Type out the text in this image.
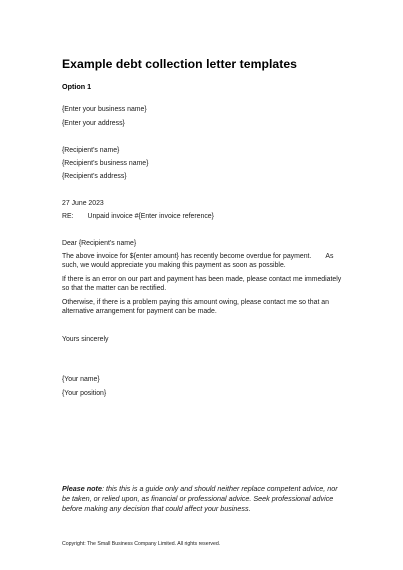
Example debt collection letter templates
Option 1
{Enter your business name}
{Enter your address}
{Recipient’s name}
{Recipient’s business name}
{Recipient’s address}
27 June 2023
RE: Unpaid invoice #{Enter invoice reference}
Dear {Recipient’s name}
The above invoice for ${enter amount} has recently become overdue for payment. As such, we would appreciate you making this payment as soon as possible.
If there is an error on our part and payment has been made, please contact me immediately so that the matter can be rectified.
Otherwise, if there is a problem paying this amount owing, please contact me so that an alternative arrangement for payment can be made.
Yours sincerely
{Your name}
{Your position}
Please note: this this is a guide only and should neither replace competent advice, nor be taken, or relied upon, as financial or professional advice. Seek professional advice before making any decision that could affect your business.
Copyright: The Small Business Company Limited. All rights reserved.
